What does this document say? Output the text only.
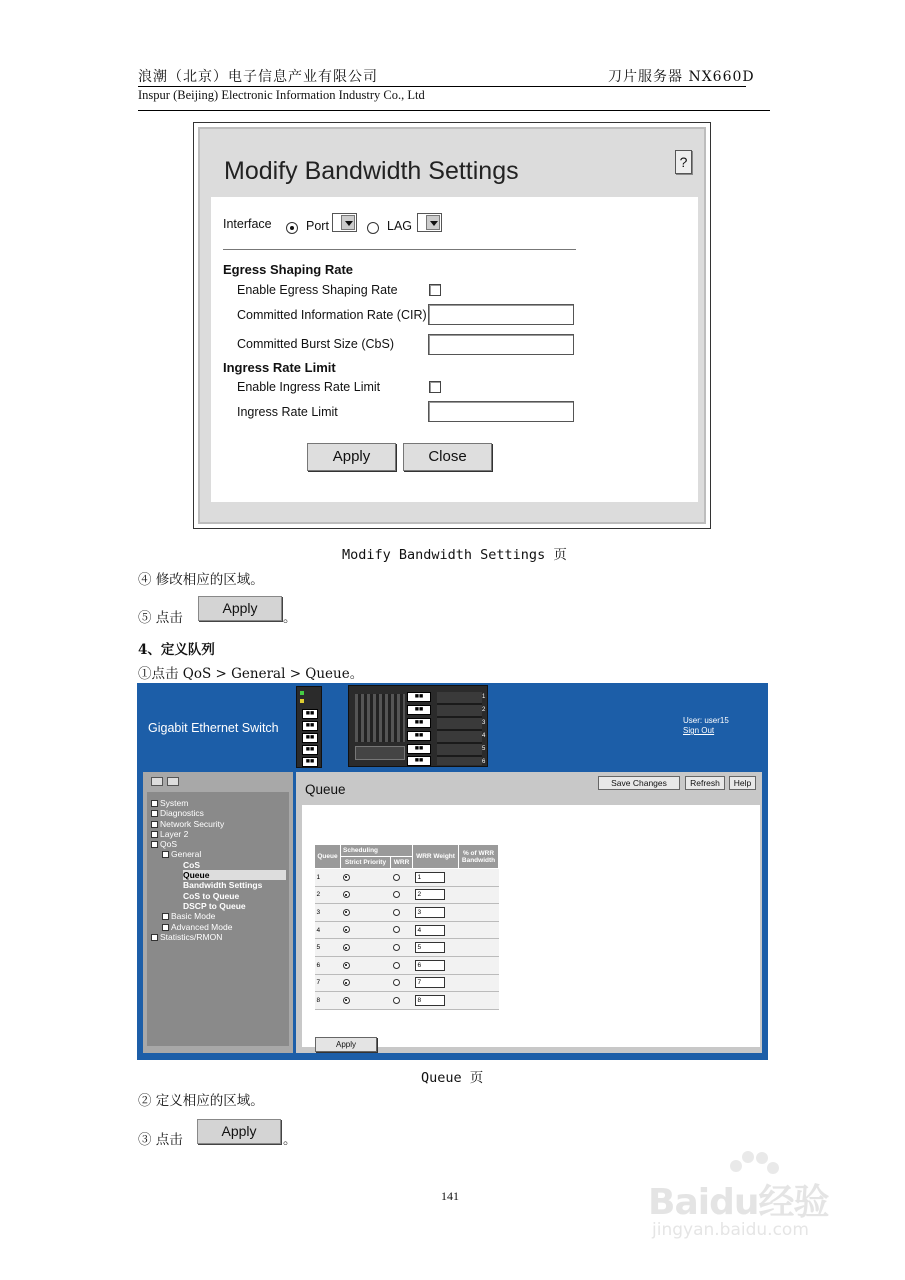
浪潮（北京）电子信息产业有限公司	刀片服务器 NX660D
Inspur (Beijing) Electronic Information Industry Co., Ltd
Modify Bandwidth Settings	?
Interface	Port	LAG
Egress Shaping Rate
Enable Egress Shaping Rate
Committed Information Rate (CIR)
Committed Burst Size (CbS)
Ingress Rate Limit
Enable Ingress Rate Limit
Ingress Rate Limit
Apply	Close
Modify Bandwidth Settings 页
④ 修改相应的区域。
⑤ 点击
Apply
。
4、定义队列
①点击 QoS > General > Queue。
Gigabit Ethernet Switch
■■
■■
■■
■■
■■
■■
■■
■■
■■
■■
■■
1
2
3
4
5
6
User: user15
Sign Out
System
Diagnostics
Network Security
Layer 2
QoS
General
CoS
Queue
Bandwidth Settings
CoS to Queue
DSCP to Queue
Basic Mode
Advanced Mode
Statistics/RMON
Queue	Save Changes	Refresh	Help
Queue	Scheduling		WRR Weight	% of WRR Bandwidth
	Strict Priority	WRR		
1			1	
2			2	
3			3	
4			4	
5			5	
6			6	
7			7	
8			8	
Apply
Queue 页
② 定义相应的区域。
③ 点击
Apply
。
141	Baidu经验
jingyan.baidu.com
